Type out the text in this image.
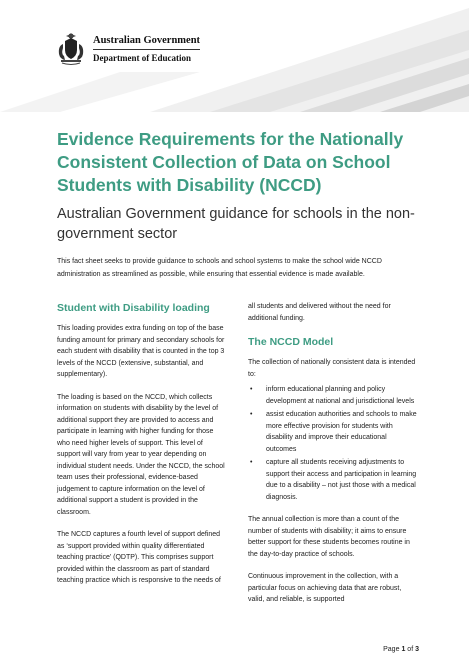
Australian Government
Department of Education
Evidence Requirements for the Nationally Consistent Collection of Data on School Students with Disability (NCCD)
Australian Government guidance for schools in the non-government sector

This fact sheet seeks to provide guidance to schools and school systems to make the school wide NCCD administration as streamlined as possible, while ensuring that essential evidence is made available.

Student with Disability loading

This loading provides extra funding on top of the base funding amount for primary and secondary schools for each student with disability that is counted in the top 3 levels of the NCCD (extensive, substantial, and supplementary).

The loading is based on the NCCD, which collects information on students with disability by the level of additional support they are provided to access and participate in learning with higher funding for those who need higher levels of support. This level of support will vary from year to year depending on individual student needs. Under the NCCD, the school team uses their professional, evidence-based judgement to capture information on the level of additional support a student is provided in the classroom.

The NCCD captures a fourth level of support defined as ‘support provided within quality differentiated teaching practice’ (QDTP). This comprises support provided within the classroom as part of standard teaching practice which is responsive to the needs of

all students and delivered without the need for additional funding.

The NCCD Model

The collection of nationally consistent data is intended to:

• inform educational planning and policy development at national and jurisdictional levels
• assist education authorities and schools to make more effective provision for students with disability and improve their educational outcomes
• capture all students receiving adjustments to support their access and participation in learning due to a disability – not just those with a medical diagnosis.

The annual collection is more than a count of the number of students with disability; it aims to ensure better support for these students becomes routine in the day-to-day practice of schools.

Continuous improvement in the collection, with a particular focus on achieving data that are robust, valid, and reliable, is supported

Page 1 of 3
